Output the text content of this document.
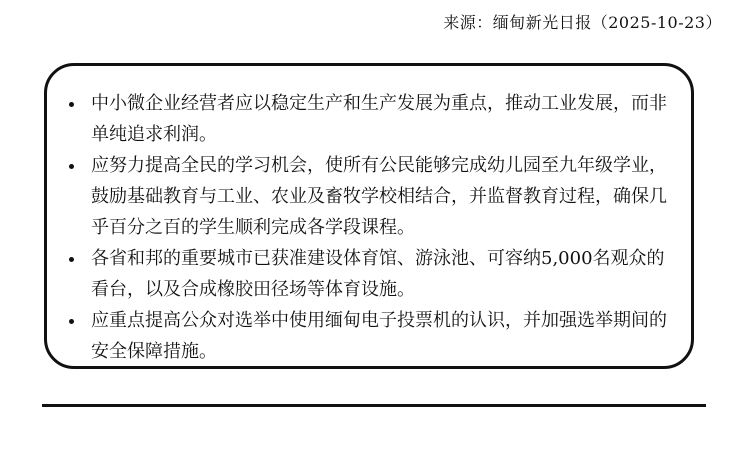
来源：缅甸新光日报（2025-10-23）
中小微企业经营者应以稳定生产和生产发展为重点，推动工业发展，而非单纯追求利润。
应努力提高全民的学习机会，使所有公民能够完成幼儿园至九年级学业，鼓励基础教育与工业、农业及畜牧学校相结合，并监督教育过程，确保几乎百分之百的学生顺利完成各学段课程。
各省和邦的重要城市已获准建设体育馆、游泳池、可容纳5,000名观众的看台，以及合成橡胶田径场等体育设施。
应重点提高公众对选举中使用缅甸电子投票机的认识，并加强选举期间的安全保障措施。
